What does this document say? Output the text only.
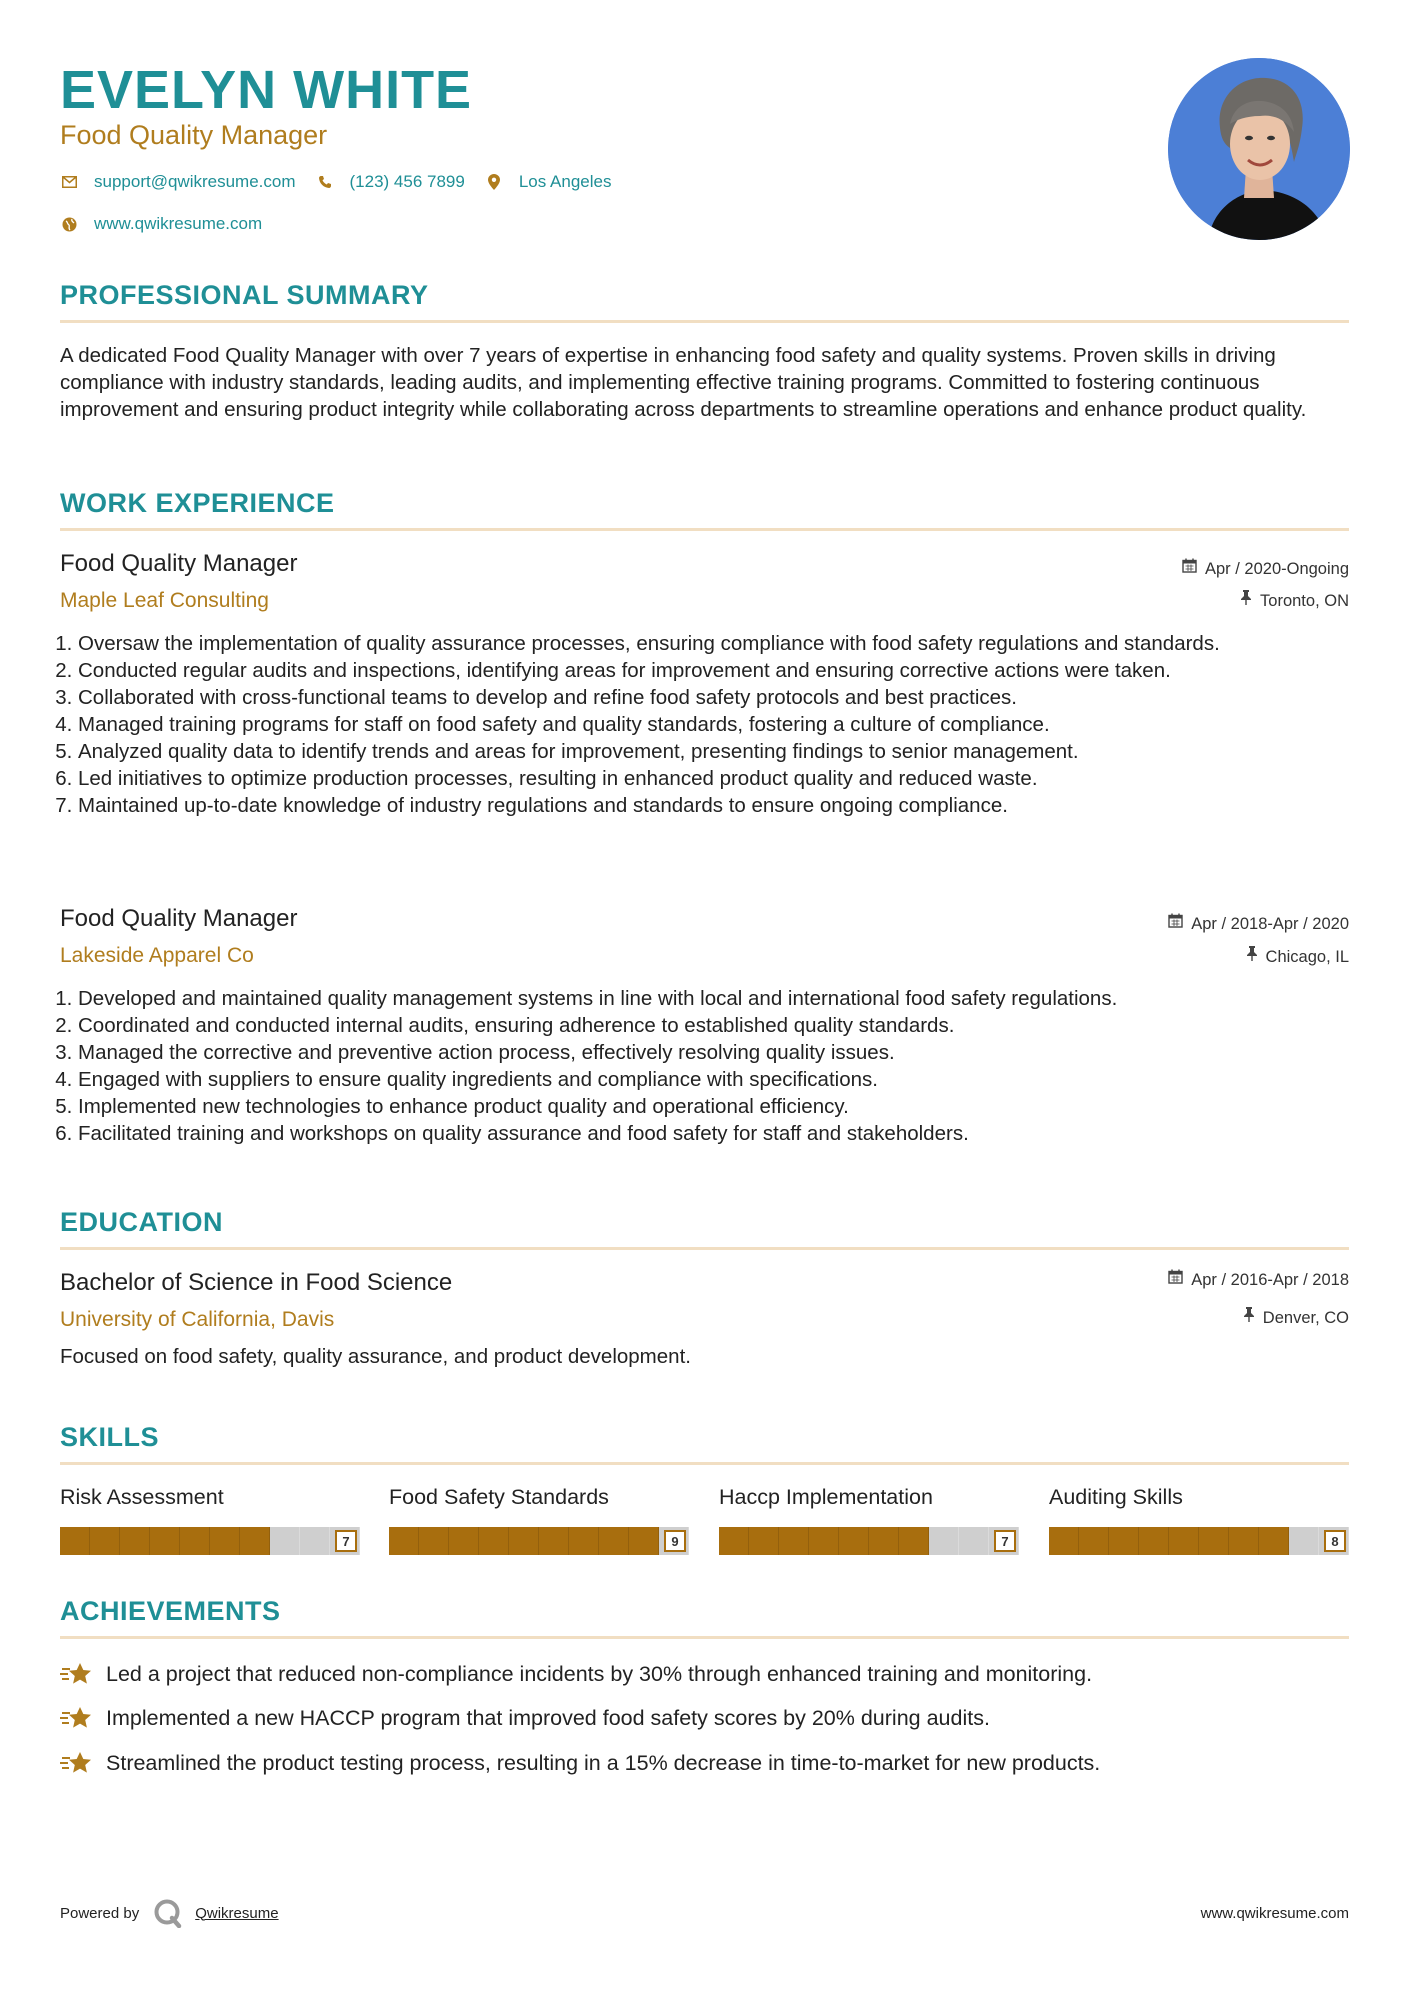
EVELYN WHITE
Food Quality Manager
support@qwikresume.com	(123) 456 7899	Los Angeles
www.qwikresume.com
PROFESSIONAL SUMMARY

A dedicated Food Quality Manager with over 7 years of expertise in enhancing food safety and quality systems. Proven skills in driving compliance with industry standards, leading audits, and implementing effective training programs. Committed to fostering continuous improvement and ensuring product integrity while collaborating across departments to streamline operations and enhance product quality.

WORK EXPERIENCE
Food Quality Manager
Maple Leaf Consulting
Apr / 2020-Ongoing
Toronto, ON
1. Oversaw the implementation of quality assurance processes, ensuring compliance with food safety regulations and standards.
2. Conducted regular audits and inspections, identifying areas for improvement and ensuring corrective actions were taken.
3. Collaborated with cross-functional teams to develop and refine food safety protocols and best practices.
4. Managed training programs for staff on food safety and quality standards, fostering a culture of compliance.
5. Analyzed quality data to identify trends and areas for improvement, presenting findings to senior management.
6. Led initiatives to optimize production processes, resulting in enhanced product quality and reduced waste.
7. Maintained up-to-date knowledge of industry regulations and standards to ensure ongoing compliance.
Food Quality Manager
Lakeside Apparel Co
Apr / 2018-Apr / 2020
Chicago, IL
1. Developed and maintained quality management systems in line with local and international food safety regulations.
2. Coordinated and conducted internal audits, ensuring adherence to established quality standards.
3. Managed the corrective and preventive action process, effectively resolving quality issues.
4. Engaged with suppliers to ensure quality ingredients and compliance with specifications.
5. Implemented new technologies to enhance product quality and operational efficiency.
6. Facilitated training and workshops on quality assurance and food safety for staff and stakeholders.
EDUCATION
Bachelor of Science in Food Science
University of California, Davis
Apr / 2016-Apr / 2018
Denver, CO

Focused on food safety, quality assurance, and product development.

SKILLS
Risk Assessment
7
Food Safety Standards
9
Haccp Implementation
7
Auditing Skills
8
ACHIEVEMENTS
Led a project that reduced non-compliance incidents by 30% through enhanced training and monitoring.
Implemented a new HACCP program that improved food safety scores by 20% during audits.
Streamlined the product testing process, resulting in a 15% decrease in time-to-market for new products.
Powered by	Qwikresume	www.qwikresume.com
